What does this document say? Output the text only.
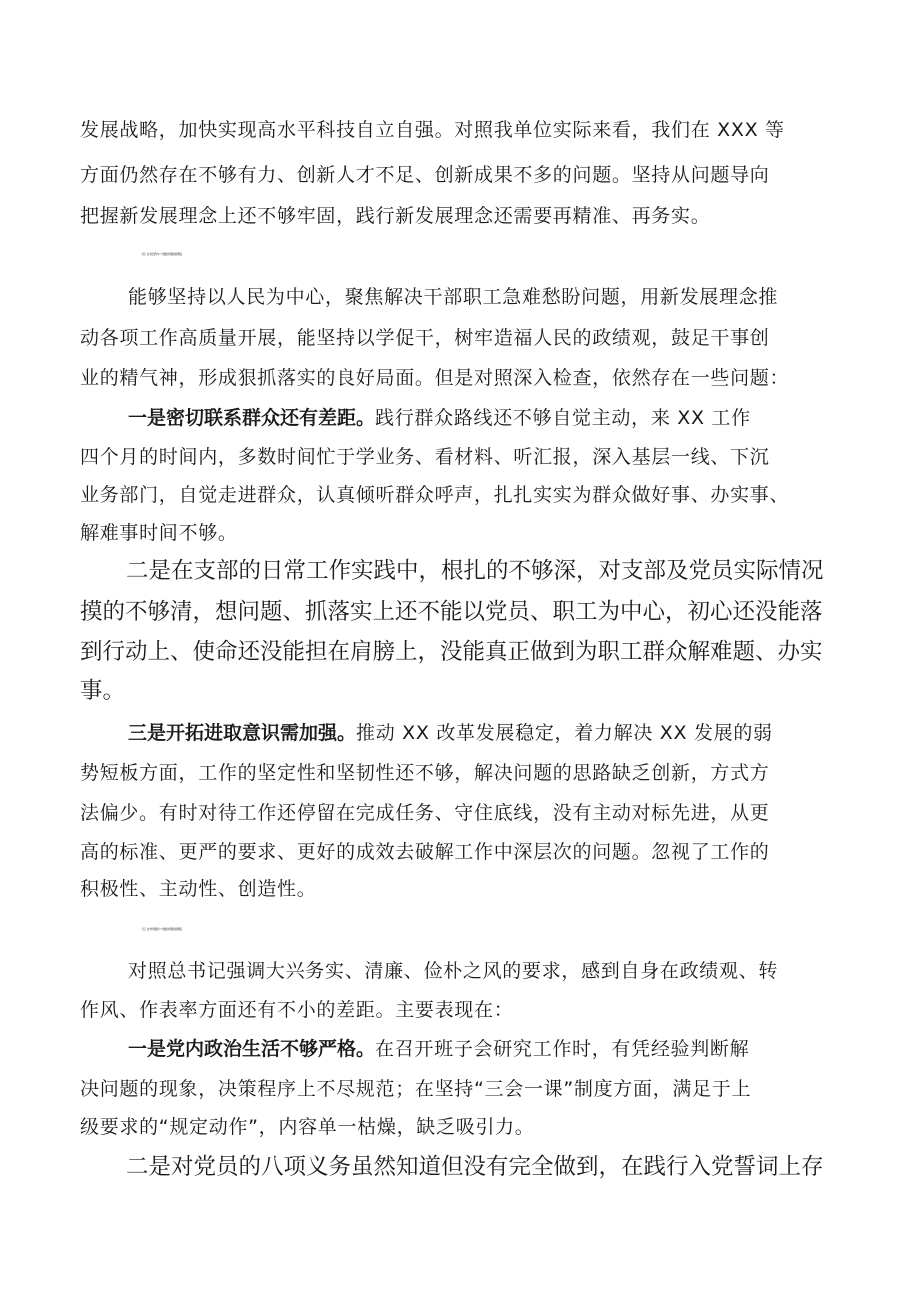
发展战略，加快实现高水平科技自立自强。对照我单位实际来看，我们在 XXX 等
方面仍然存在不够有力、创新人才不足、创新成果不多的问题。坚持从问题导向
把握新发展理念上还不够牢固，践行新发展理念还需要再精准、再务实。
（四）在“担当作为〃方面的对照检查情况。
能够坚持以人民为中心，聚焦解决干部职工急难愁盼问题，用新发展理念推
动各项工作高质量开展，能坚持以学促干，树牢造福人民的政绩观，鼓足干事创
业的精气神，形成狠抓落实的良好局面。但是对照深入检查，依然存在一些问题：
一是密切联系群众还有差距。践行群众路线还不够自觉主动，来 XX 工作
四个月的时间内，多数时间忙于学业务、看材料、听汇报，深入基层一线、下沉
业务部门，自觉走进群众，认真倾听群众呼声，扎扎实实为群众做好事、办实事、
解难事时间不够。
二是在支部的日常工作实践中，根扎的不够深，对支部及党员实际情况
摸的不够清，想问题、抓落实上还不能以党员、职工为中心，初心还没能落
到行动上、使命还没能担在肩膀上，没能真正做到为职工群众解难题、办实
事。
三是开拓进取意识需加强。推动 XX 改革发展稳定，着力解决 XX 发展的弱
势短板方面，工作的坚定性和坚韧性还不够，解决问题的思路缺乏创新，方式方
法偏少。有时对待工作还停留在完成任务、守住底线，没有主动对标先进，从更
高的标准、更严的要求、更好的成效去破解工作中深层次的问题。忽视了工作的
积极性、主动性、创造性。
（五）在“作风建设〃方面的对照检查情况。
对照总书记强调大兴务实、清廉、俭朴之风的要求，感到自身在政绩观、转
作风、作表率方面还有不小的差距。主要表现在：
一是党内政治生活不够严格。在召开班子会研究工作时，有凭经验判断解
决问题的现象，决策程序上不尽规范；在坚持“三会一课”制度方面，满足于上
级要求的“规定动作”，内容单一枯燥，缺乏吸引力。
二是对党员的八项义务虽然知道但没有完全做到，在践行入党誓词上存
